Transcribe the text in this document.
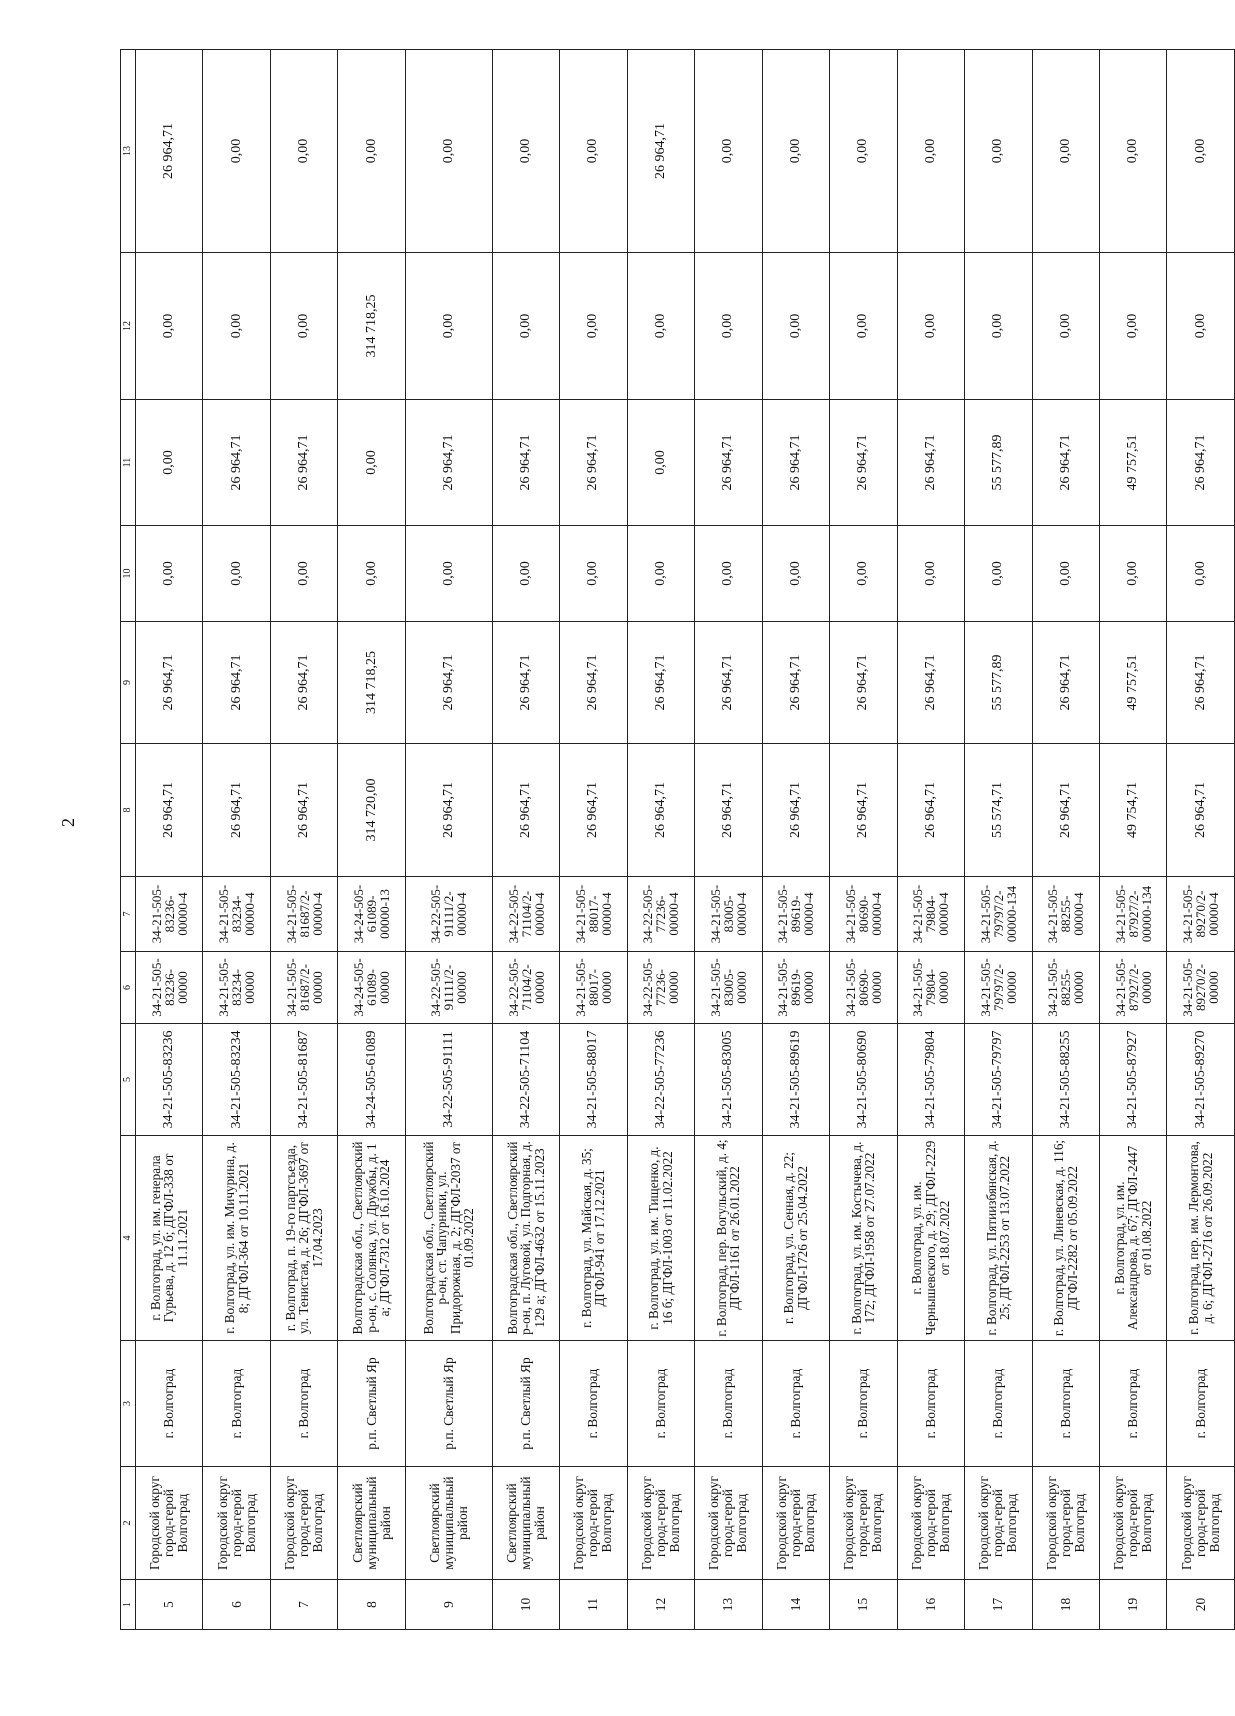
2
1	2	3	4	5	6	7	8	9	10	11	12	13
5	Городской округ город-герой Волгоград	г. Волгоград	г. Волгоград, ул. им. генерала Гурьева, д. 12 б; ДГФЛ-338 от 11.11.2021	34-21-505-83236	34-21-505-83236-00000	34-21-505-83236-00000-4	26 964,71	26 964,71	0,00	0,00	0,00	26 964,71
6	Городской округ город-герой Волгоград	г. Волгоград	г. Волгоград, ул. им. Мичурина, д. 8; ДГФЛ-364 от 10.11.2021	34-21-505-83234	34-21-505-83234-00000	34-21-505-83234-00000-4	26 964,71	26 964,71	0,00	26 964,71	0,00	0,00
7	Городской округ город-герой Волгоград	г. Волгоград	г. Волгоград, п. 19-го партсъезда, ул. Тенистая, д. 26; ДГФЛ-3697 от 17.04.2023	34-21-505-81687	34-21-505-81687/2-00000	34-21-505-81687/2-00000-4	26 964,71	26 964,71	0,00	26 964,71	0,00	0,00
8	Светлоярский муниципальный район	р.п. Светлый Яр	Волгоградская обл., Светлоярский р-он, с. Солянка, ул. Дружбы, д. 1 а; ДГФЛ-7312 от 16.10.2024	34-24-505-61089	34-24-505-61089-00000	34-24-505-61089-00000-13	314 720,00	314 718,25	0,00	0,00	314 718,25	0,00
9	Светлоярский муниципальный район	р.п. Светлый Яр	Волгоградская обл., Светлоярский р-он, ст. Чапурники, ул. Придорожная, д. 2; ДГФЛ-2037 от 01.09.2022	34-22-505-91111	34-22-505-91111/2-00000	34-22-505-91111/2-00000-4	26 964,71	26 964,71	0,00	26 964,71	0,00	0,00
10	Светлоярский муниципальный район	р.п. Светлый Яр	Волгоградская обл., Светлоярский р-он, п. Луговой, ул. Подгорная, д. 129 а; ДГФЛ-4632 от 15.11.2023	34-22-505-71104	34-22-505-71104/2-00000	34-22-505-71104/2-00000-4	26 964,71	26 964,71	0,00	26 964,71	0,00	0,00
11	Городской округ город-герой Волгоград	г. Волгоград	г. Волгоград, ул. Майская, д. 35; ДГФЛ-941 от 17.12.2021	34-21-505-88017	34-21-505-88017-00000	34-21-505-88017-00000-4	26 964,71	26 964,71	0,00	26 964,71	0,00	0,00
12	Городской округ город-герой Волгоград	г. Волгоград	г. Волгоград, ул. им. Тищенко, д. 16 б; ДГФЛ-1003 от 11.02.2022	34-22-505-77236	34-22-505-77236-00000	34-22-505-77236-00000-4	26 964,71	26 964,71	0,00	0,00	0,00	26 964,71
13	Городской округ город-герой Волгоград	г. Волгоград	г. Волгоград, пер. Вогульский, д. 4; ДГФЛ-1161 от 26.01.2022	34-21-505-83005	34-21-505-83005-00000	34-21-505-83005-00000-4	26 964,71	26 964,71	0,00	26 964,71	0,00	0,00
14	Городской округ город-герой Волгоград	г. Волгоград	г. Волгоград, ул. Сенная, д. 22; ДГФЛ-1726 от 25.04.2022	34-21-505-89619	34-21-505-89619-00000	34-21-505-89619-00000-4	26 964,71	26 964,71	0,00	26 964,71	0,00	0,00
15	Городской округ город-герой Волгоград	г. Волгоград	г. Волгоград, ул. им. Костычева, д. 172; ДГФЛ-1958 от 27.07.2022	34-21-505-80690	34-21-505-80690-00000	34-21-505-80690-00000-4	26 964,71	26 964,71	0,00	26 964,71	0,00	0,00
16	Городской округ город-герой Волгоград	г. Волгоград	г. Волгоград, ул. им. Чернышевского, д. 29; ДГФЛ-2229 от 18.07.2022	34-21-505-79804	34-21-505-79804-00000	34-21-505-79804-00000-4	26 964,71	26 964,71	0,00	26 964,71	0,00	0,00
17	Городской округ город-герой Волгоград	г. Волгоград	г. Волгоград, ул. Пятиизбянская, д. 25; ДГФЛ-2253 от 13.07.2022	34-21-505-79797	34-21-505-79797/2-00000	34-21-505-79797/2-00000-134	55 574,71	55 577,89	0,00	55 577,89	0,00	0,00
18	Городской округ город-герой Волгоград	г. Волгоград	г. Волгоград, ул. Линевская, д. 116; ДГФЛ-2282 от 05.09.2022	34-21-505-88255	34-21-505-88255-00000	34-21-505-88255-00000-4	26 964,71	26 964,71	0,00	26 964,71	0,00	0,00
19	Городской округ город-герой Волгоград	г. Волгоград	г. Волгоград, ул. им. Александрова, д. 67; ДГФЛ-2447 от 01.08.2022	34-21-505-87927	34-21-505-87927/2-00000	34-21-505-87927/2-00000-134	49 754,71	49 757,51	0,00	49 757,51	0,00	0,00
20	Городской округ город-герой Волгоград	г. Волгоград	г. Волгоград, пер. им. Лермонтова, д. 6; ДГФЛ-2716 от 26.09.2022	34-21-505-89270	34-21-505-89270/2-00000	34-21-505-89270/2-00000-4	26 964,71	26 964,71	0,00	26 964,71	0,00	0,00
